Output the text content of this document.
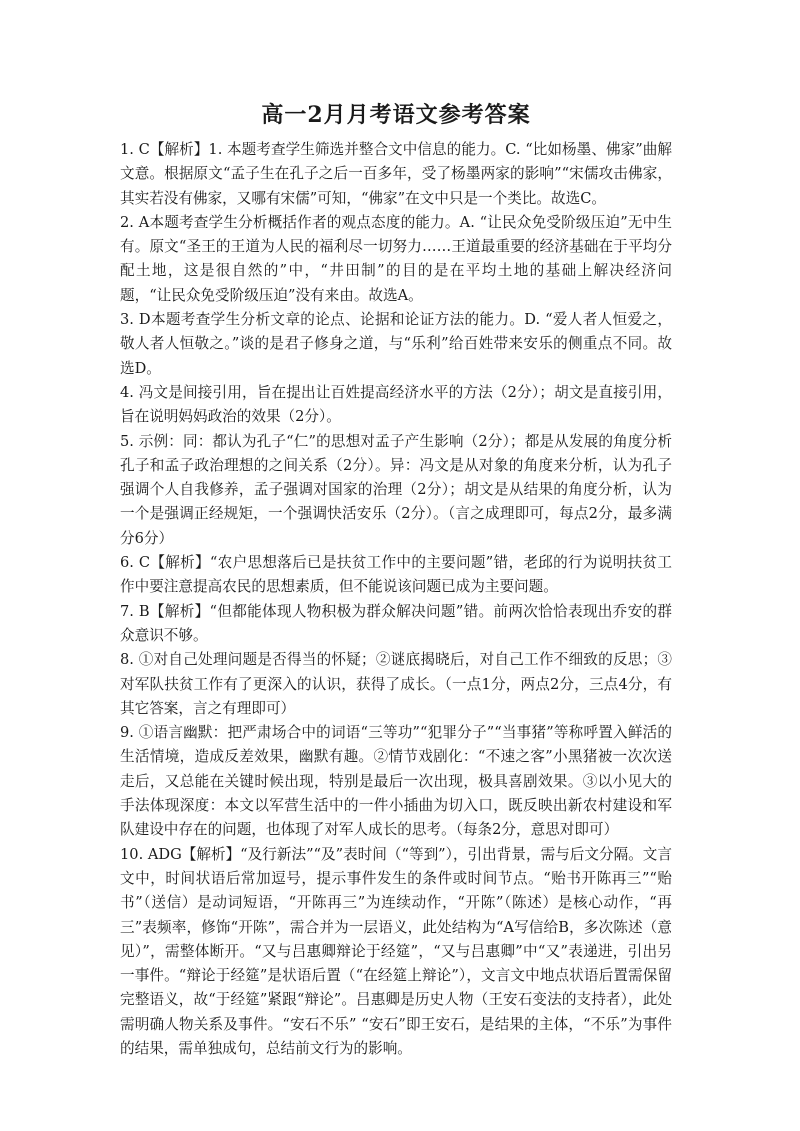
高一2月月考语文参考答案

1. C【解析】1. 本题考查学生筛选并整合文中信息的能力。C. “比如杨墨、佛家”曲解文意。根据原文“孟子生在孔子之后一百多年，受了杨墨两家的影响”“宋儒攻击佛家，其实若没有佛家，又哪有宋儒”可知，“佛家”在文中只是一个类比。故选C。

2. A本题考查学生分析概括作者的观点态度的能力。A. “让民众免受阶级压迫”无中生有。原文“圣王的王道为人民的福利尽一切努力……王道最重要的经济基础在于平均分配土地，这是很自然的”中，“井田制”的目的是在平均土地的基础上解决经济问题，“让民众免受阶级压迫”没有来由。故选A。

3. D本题考查学生分析文章的论点、论据和论证方法的能力。D. “爱人者人恒爱之，敬人者人恒敬之。”谈的是君子修身之道，与“乐利”给百姓带来安乐的侧重点不同。故选D。

4. 冯文是间接引用，旨在提出让百姓提高经济水平的方法（2分）；胡文是直接引用，旨在说明妈妈政治的效果（2分）。

5. 示例：同：都认为孔子“仁”的思想对孟子产生影响（2分）；都是从发展的角度分析孔子和孟子政治理想的之间关系（2分）。异：冯文是从对象的角度来分析，认为孔子强调个人自我修养，孟子强调对国家的治理（2分）；胡文是从结果的角度分析，认为一个是强调正经规矩，一个强调快活安乐（2分）。（言之成理即可，每点2分，最多满分6分）

6. C【解析】“农户思想落后已是扶贫工作中的主要问题”错，老邱的行为说明扶贫工作中要注意提高农民的思想素质，但不能说该问题已成为主要问题。

7. B【解析】“但都能体现人物积极为群众解决问题”错。前两次恰恰表现出乔安的群众意识不够。

8. ①对自己处理问题是否得当的怀疑；②谜底揭晓后，对自己工作不细致的反思；③对军队扶贫工作有了更深入的认识，获得了成长。（一点1分，两点2分，三点4分，有其它答案，言之有理即可）

9. ①语言幽默：把严肃场合中的词语“三等功”“犯罪分子”“当事猪”等称呼置入鲜活的生活情境，造成反差效果，幽默有趣。②情节戏剧化：“不速之客”小黑猪被一次次送走后，又总能在关键时候出现，特别是最后一次出现，极具喜剧效果。③以小见大的手法体现深度：本文以军营生活中的一件小插曲为切入口，既反映出新农村建设和军队建设中存在的问题，也体现了对军人成长的思考。（每条2分，意思对即可）

10. ADG【解析】“及行新法”“及”表时间（“等到”），引出背景，需与后文分隔。文言文中，时间状语后常加逗号，提示事件发生的条件或时间节点。“贻书开陈再三”“贻书”（送信）是动词短语，“开陈再三”为连续动作，“开陈”（陈述）是核心动作，“再三”表频率，修饰“开陈”，需合并为一层语义，此处结构为“A写信给B，多次陈述（意见）”，需整体断开。“又与吕惠卿辩论于经筵”，“又与吕惠卿”中“又”表递进，引出另一事件。“辩论于经筵”是状语后置（“在经筵上辩论”），文言文中地点状语后置需保留完整语义，故“于经筵”紧跟“辩论”。吕惠卿是历史人物（王安石变法的支持者），此处需明确人物关系及事件。“安石不乐” “安石”即王安石，是结果的主体，“不乐”为事件的结果，需单独成句，总结前文行为的影响。
